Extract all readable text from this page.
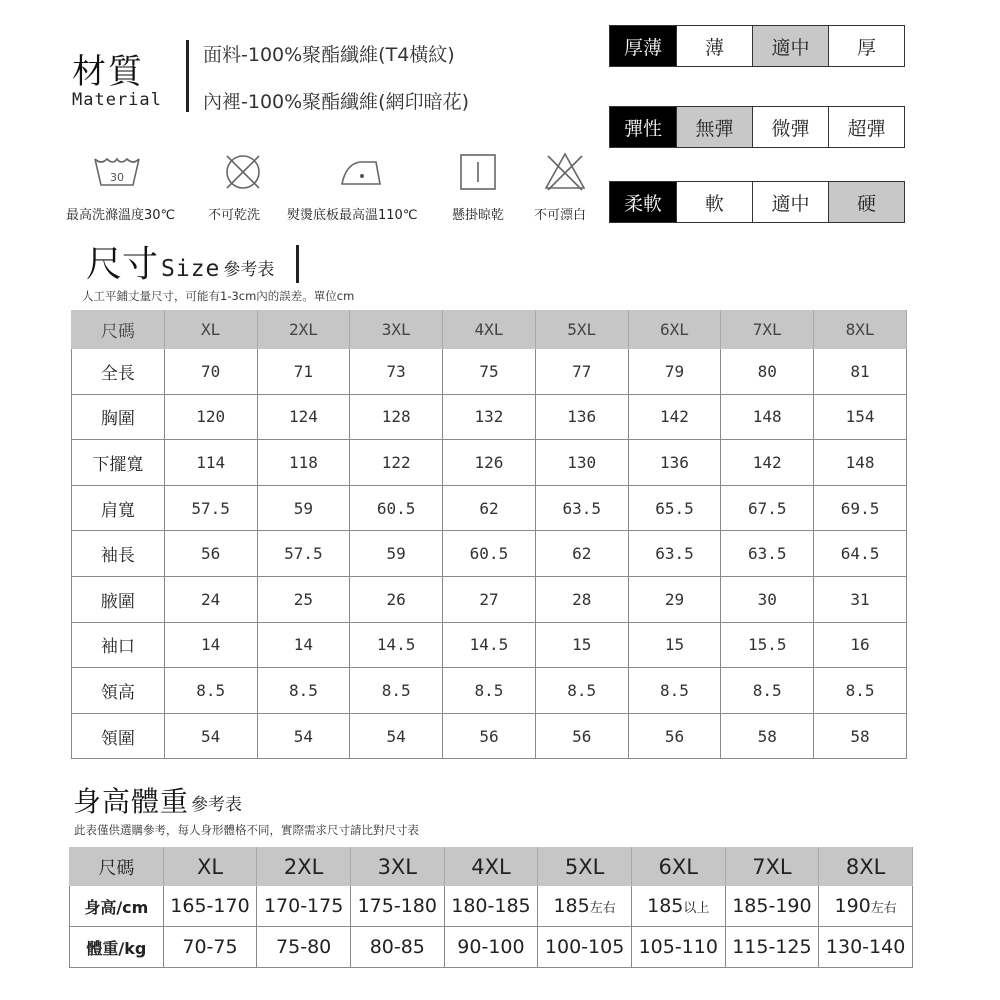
材質
Material
面料-100%聚酯纖維(T4橫紋)
內裡-100%聚酯纖維(網印暗花)
30
最高洗滌溫度30℃	不可乾洗 熨燙底板最高溫110℃	懸掛晾乾 不可漂白
厚薄	薄	適中	厚
彈性	無彈	微彈	超彈
柔軟	軟	適中	硬
尺寸 Size 參考表
人工平鋪丈量尺寸，可能有1-3cm內的誤差。單位cm
尺碼	XL	2XL	3XL	4XL	5XL	6XL	7XL	8XL
全長	70	71	73	75	77	79	80	81
胸圍	120	124	128	132	136	142	148	154
下擺寬	114	118	122	126	130	136	142	148
肩寬	57.5	59	60.5	62	63.5	65.5	67.5	69.5
袖長	56	57.5	59	60.5	62	63.5	63.5	64.5
腋圍	24	25	26	27	28	29	30	31
袖口	14	14	14.5	14.5	15	15	15.5	16
領高	8.5	8.5	8.5	8.5	8.5	8.5	8.5	8.5
領圍	54	54	54	56	56	56	58	58
身高體重 參考表
此表僅供選購參考，每人身形體格不同，實際需求尺寸請比對尺寸表
尺碼	XL	2XL	3XL	4XL	5XL	6XL	7XL	8XL
身高/cm	165-170	170-175	175-180	180-185	185左右	185以上	185-190	190左右
體重/kg	70-75	75-80	80-85	90-100	100-105	105-110	115-125	130-140
